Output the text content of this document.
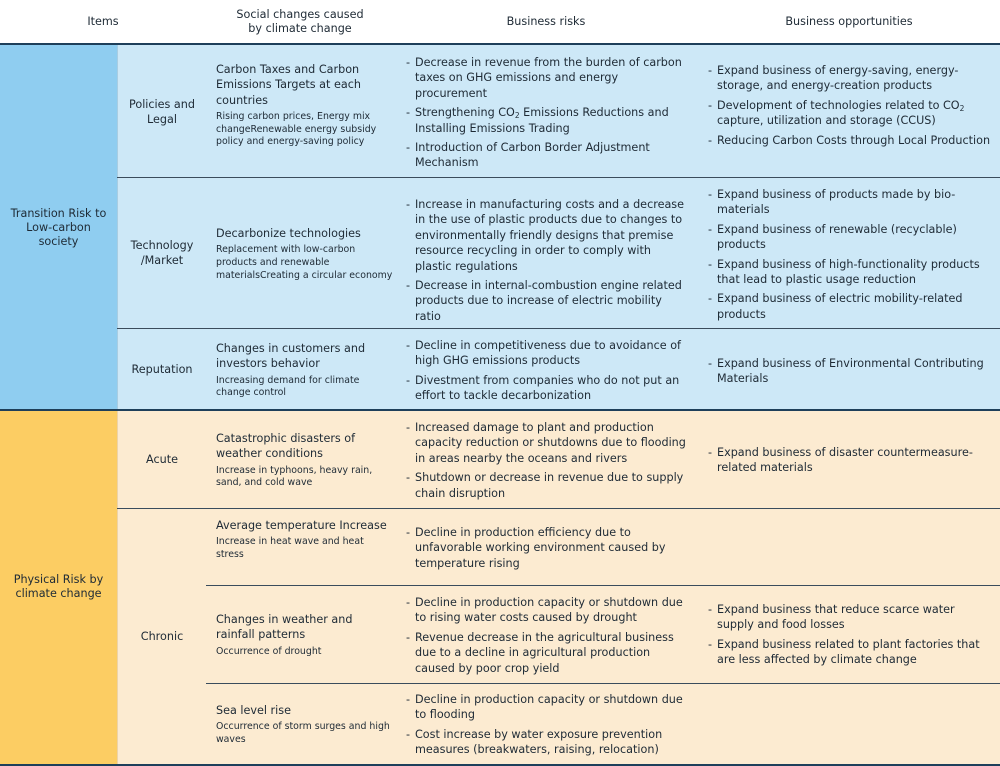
Items
Social changes caused by climate change
Business risks	Business opportunities
Transition Risk to Low-carbon society
Physical Risk by climate change
Policies and Legal
Carbon Taxes and Carbon Emissions Targets at each countries
Rising carbon prices, Energy mix changeRenewable energy subsidy policy and energy-saving policy
- Decrease in revenue from the burden of carbon taxes on GHG emissions and energy procurement
- Strengthening $CO_2$ Emissions Reductions and Installing Emissions Trading
- Introduction of Carbon Border Adjustment Mechanism
- Expand business of energy-saving, energy-storage, and energy-creation products
- Development of technologies related to $CO_2$ capture, utilization and storage (CCUS)
- Reducing Carbon Costs through Local Production
Technology /Market
Decarbonize technologies
Replacement with low-carbon products and renewable materialsCreating a circular economy
- Increase in manufacturing costs and a decrease in the use of plastic products due to changes to environmentally friendly designs that premise resource recycling in order to comply with plastic regulations
- Decrease in internal-combustion engine related products due to increase of electric mobility ratio
- Expand business of products made by bio-materials
- Expand business of renewable (recyclable) products
- Expand business of high-functionality products that lead to plastic usage reduction
- Expand business of electric mobility-related products
Reputation
Changes in customers and investors behavior
Increasing demand for climate change control
- Decline in competitiveness due to avoidance of high GHG emissions products
- Divestment from companies who do not put an effort to tackle decarbonization
- Expand business of Environmental Contributing Materials
Acute
Catastrophic disasters of weather conditions
Increase in typhoons, heavy rain, sand, and cold wave
- Increased damage to plant and production capacity reduction or shutdowns due to flooding in areas nearby the oceans and rivers
- Shutdown or decrease in revenue due to supply chain disruption
- Expand business of disaster countermeasure-related materials
Chronic
Average temperature Increase
Increase in heat wave and heat stress
- Decline in production efficiency due to unfavorable working environment caused by temperature rising
Changes in weather and rainfall patterns
Occurrence of drought
- Decline in production capacity or shutdown due to rising water costs caused by drought
- Revenue decrease in the agricultural business due to a decline in agricultural production caused by poor crop yield
- Expand business that reduce scarce water supply and food losses
- Expand business related to plant factories that are less affected by climate change
Sea level rise
Occurrence of storm surges and high waves
- Decline in production capacity or shutdown due to flooding
- Cost increase by water exposure prevention measures (breakwaters, raising, relocation)
